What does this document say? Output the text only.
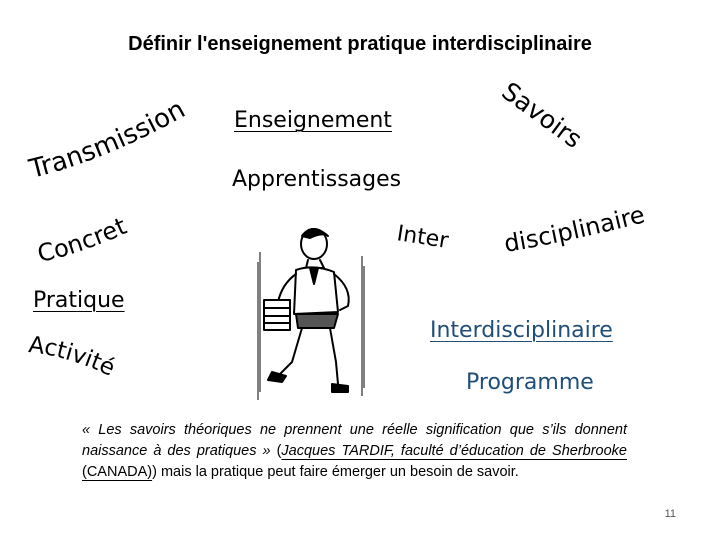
Définir l'enseignement pratique interdisciplinaire
Transmission Enseignement
Savoirs
Apprentissages
Concret	Inter disciplinaire
Pratique
Activité
Interdisciplinaire
Programme
« Les savoirs théoriques ne prennent une réelle signification que s’ils donnent naissance à des pratiques » (Jacques TARDIF, faculté d’éducation de Sherbrooke (CANADA)) mais la pratique peut faire émerger un besoin de savoir.
11
